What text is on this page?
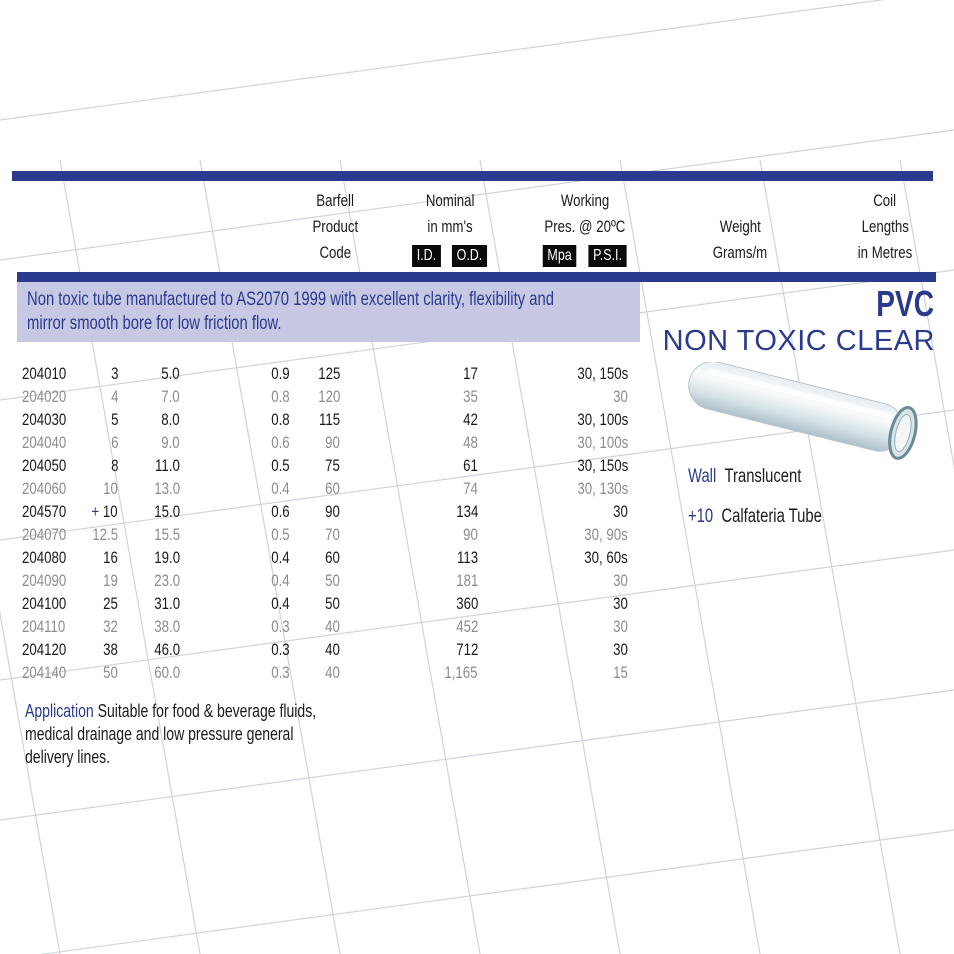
Barfell
Product
Code
Nominal
in mm's
I.D. O.D.
Working
Pres. @ 20ºC
Mpa P.S.I.
Weight
Grams/m
Coil
Lengths
in Metres
Non toxic tube manufactured to AS2070 1999 with excellent clarity, flexibility and
mirror smooth bore for low friction flow.	PVC
NON TOXIC CLEAR
Wall Translucent
+10 Calfateria Tube
204010	3	5.0	0.9	125	17	30, 150s
204020	4	7.0	0.8	120	35	30
204030	5	8.0	0.8	115	42	30, 100s
204040	6	9.0	0.6	90	48	30, 100s
204050	8	11.0	0.5	75	61	30, 150s
204060	10	13.0	0.4	60	74	30, 130s
204570	+ 10	15.0	0.6	90	134	30
204070	12.5	15.5	0.5	70	90	30, 90s
204080	16	19.0	0.4	60	113	30, 60s
204090	19	23.0	0.4	50	181	30
204100	25	31.0	0.4	50	360	30
204110	32	38.0	0.3	40	452	30
204120	38	46.0	0.3	40	712	30
204140	50	60.0	0.3	40	1,165	15
Application Suitable for food & beverage fluids, medical drainage and low pressure general delivery lines.
